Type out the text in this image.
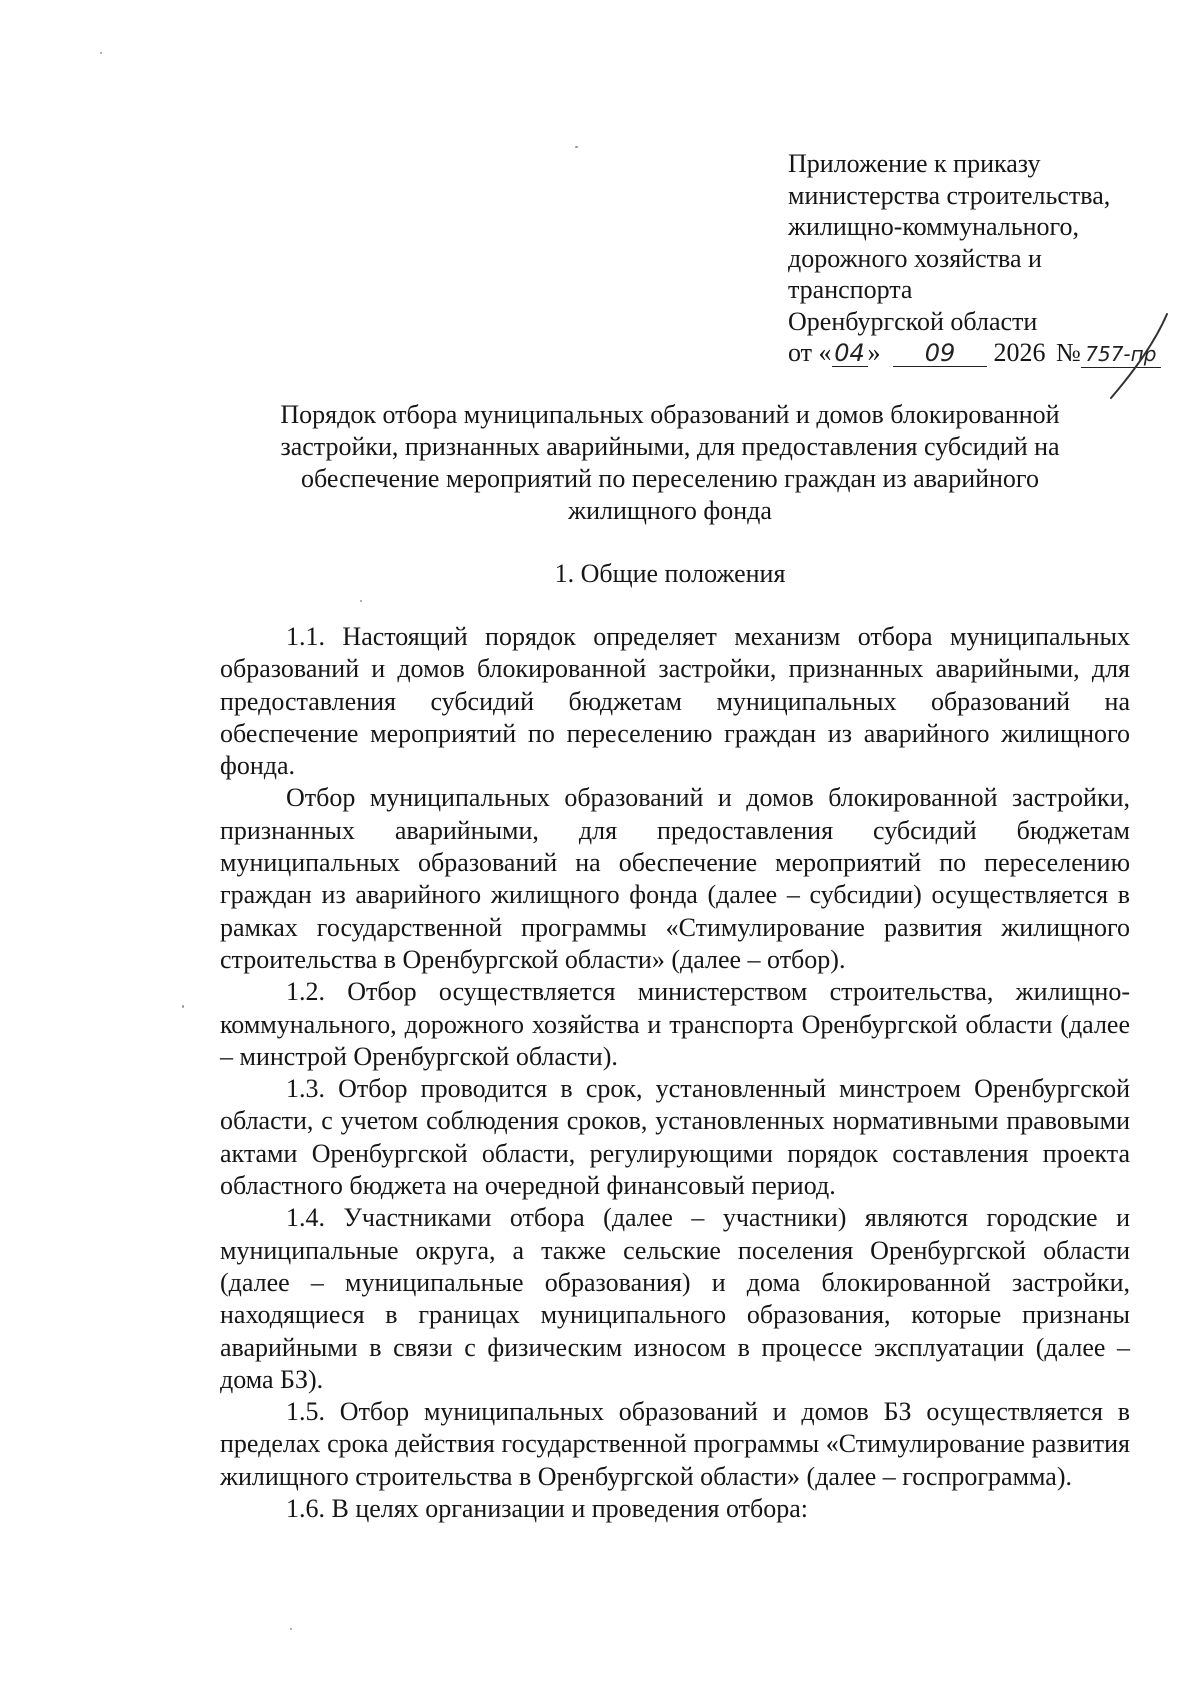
Приложение к приказу
министерства строительства,
жилищно-коммунального,
дорожного хозяйства и
транспорта
Оренбургской области
от « 04 » 09 2026 № 757-пр

Порядок отбора муниципальных образований и домов блокированной

застройки, признанных аварийными, для предоставления субсидий на

обеспечение мероприятий по переселению граждан из аварийного

жилищного фонда

1. Общие положения

1.1. Настоящий порядок определяет механизм отбора муниципальных образований и домов блокированной застройки, признанных аварийными, для предоставления субсидий бюджетам муниципальных образований на обеспечение мероприятий по переселению граждан из аварийного жилищного фонда.

Отбор муниципальных образований и домов блокированной застройки, признанных аварийными, для предоставления субсидий бюджетам муниципальных образований на обеспечение мероприятий по переселению граждан из аварийного жилищного фонда (далее – субсидии) осуществляется в рамках государственной программы «Стимулирование развития жилищного строительства в Оренбургской области» (далее – отбор).

1.2. Отбор осуществляется министерством строительства, жилищно-коммунального, дорожного хозяйства и транспорта Оренбургской области (далее – минстрой Оренбургской области).

1.3. Отбор проводится в срок, установленный минстроем Оренбургской области, с учетом соблюдения сроков, установленных нормативными правовыми актами Оренбургской области, регулирующими порядок составления проекта областного бюджета на очередной финансовый период.

1.4. Участниками отбора (далее – участники) являются городские и муниципальные округа, а также сельские поселения Оренбургской области (далее – муниципальные образования) и дома блокированной застройки, находящиеся в границах муниципального образования, которые признаны аварийными в связи с физическим износом в процессе эксплуатации (далее – дома БЗ).

1.5. Отбор муниципальных образований и домов БЗ осуществляется в пределах срока действия государственной программы «Стимулирование развития жилищного строительства в Оренбургской области» (далее – госпрограмма).

1.6. В целях организации и проведения отбора:
